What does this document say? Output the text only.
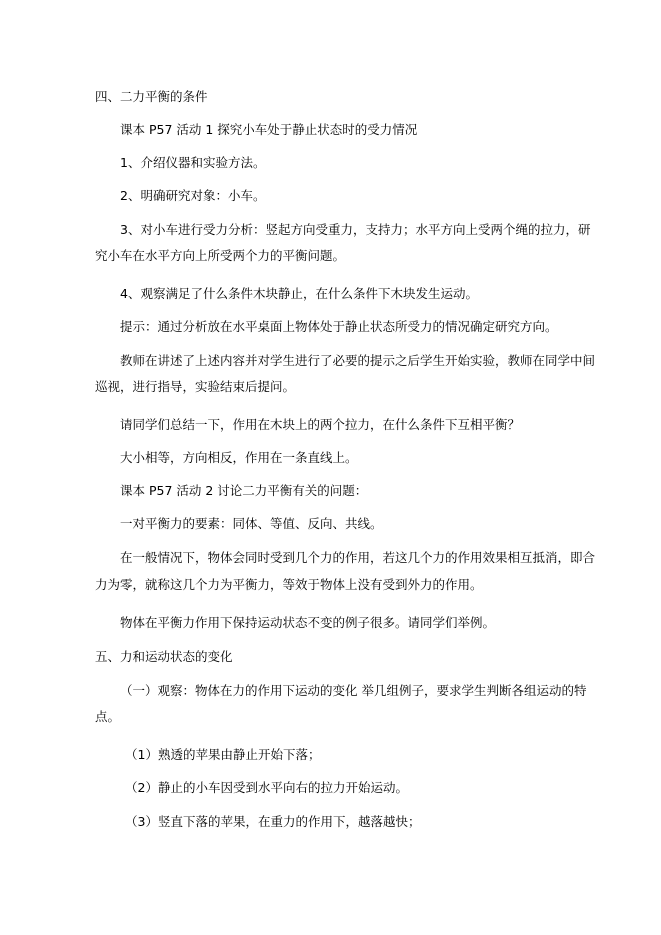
四、二力平衡的条件
课本 P57 活动 1 探究小车处于静止状态时的受力情况
1、介绍仪器和实验方法。
2、明确研究对象：小车。
3、对小车进行受力分析：竖起方向受重力，支持力；水平方向上受两个绳的拉力，研
究小车在水平方向上所受两个力的平衡问题。
4、观察满足了什么条件木块静止，在什么条件下木块发生运动。
提示：通过分析放在水平桌面上物体处于静止状态所受力的情况确定研究方向。
教师在讲述了上述内容并对学生进行了必要的提示之后学生开始实验，教师在同学中间
巡视，进行指导，实验结束后提问。
请同学们总结一下，作用在木块上的两个拉力，在什么条件下互相平衡？
大小相等，方向相反，作用在一条直线上。
课本 P57 活动 2 讨论二力平衡有关的问题：
一对平衡力的要素：同体、等值、反向、共线。
在一般情况下，物体会同时受到几个力的作用，若这几个力的作用效果相互抵消，即合
力为零，就称这几个力为平衡力，等效于物体上没有受到外力的作用。
物体在平衡力作用下保持运动状态不变的例子很多。请同学们举例。
五、力和运动状态的变化
（一）观察：物体在力的作用下运动的变化 举几组例子，要求学生判断各组运动的特
点。
（1）熟透的苹果由静止开始下落；
（2）静止的小车因受到水平向右的拉力开始运动。
（3）竖直下落的苹果，在重力的作用下，越落越快；
